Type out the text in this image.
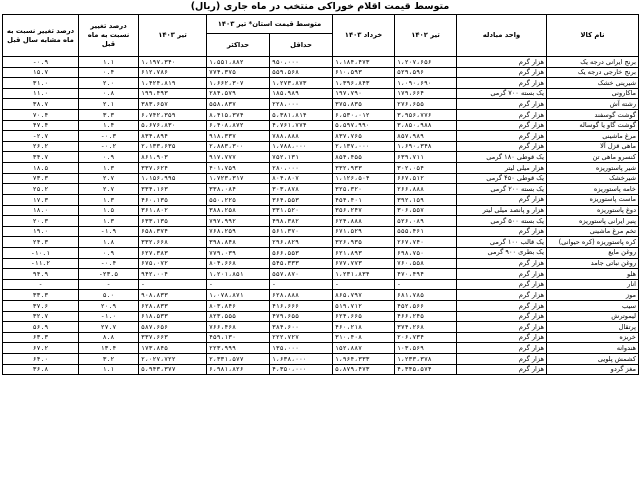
متوسط قیمت اقلام خوراکی منتخب در ماه جاری (ریال)
نام کالا	واحد مبادله	تیر ۱۴۰۲	خرداد ۱۴۰۳	متوسط قیمت استان* تیر ۱۴۰۳		تیر ۱۴۰۳	درصد تغییر نسبت به ماه قبل	درصد تغییر نسبت به ماه مشابه سال قبل
				حداقل	حداکثر			
برنج ایرانی درجه یک	هزار گرم	۱،۲۰۷،۶۵۶	۱،۱۸۴،۴۷۳	۹۵۰،۰۰۰	۱،۵۵۱،۸۸۲	۱،۱۹۷،۳۴۰	۱.۱	-۰.۹
برنج خارجی درجه یک	هزار گرم	۵۲۹،۵۹۶	۶۱۰،۵۹۳	۵۵۹،۵۶۸	۷۷۴،۳۷۵	۶۱۲،۷۸۶	۰.۴	۱۵.۷
شیرینی خشک	هزار گرم	۱،۰۹۰،۶۹۰	۱،۳۹۶،۸۴۳	۱،۲۷۳،۸۷۳	۱،۶۶۲،۳۰۷	۱،۴۲۴،۸۱۹	۲.۰	۳۱.۰
ماکارونی	یک بسته ۷۰۰ گرمی	۱۷۹،۶۶۴	۱۹۷،۷۹۰	۱۸۵،۹۸۹	۲۸۴،۵۷۹	۱۹۹،۴۹۳	۰.۸	۱۱.۰
رشته آش	هزار گرم	۲۷۶،۶۵۵	۳۷۵،۸۳۵	۲۲۸،۰۰۰	۵۵۸،۸۳۷	۳۸۳،۶۵۷	۲.۱	۳۸.۷
گوشت گوسفند	هزار گرم	۳،۹۵۶،۷۷۶	۶،۵۳۰،۰۱۲	۵،۳۸۱،۸۱۴	۸،۴۱۵،۳۷۴	۶،۷۴۲،۳۵۹	۳.۳	۷۰.۴
گوشت گاو یا گوساله	هزار گرم	۳،۸۵۰،۹۸۸	۵،۵۹۷،۹۹۰	۴،۷۶۱،۷۷۴	۶،۴۰۸،۸۷۲	۵،۶۷۶،۸۳۰	۱.۴	۴۷.۴
مرغ ماشینی	هزار گرم	۸۵۷،۹۸۹	۸۳۷،۷۶۵	۷۸۸،۸۸۸	۹۱۸،۳۳۷	۸۳۴،۸۹۴	-۰.۳	-۲.۷
ماهی قزل آلا	هزار گرم	۱،۶۹۰،۳۴۸	۲،۱۳۷،۰۰۰	۱،۷۸۸،۰۰۰	۲،۸۸۳،۳۰۰	۲،۱۳۳،۶۳۵	-۰.۲	۲۶.۲
کنسرو ماهی تن	یک قوطی ۱۸۰ گرمی	۶۳۹،۷۱۱	۸۵۴،۴۵۵	۷۵۲،۱۳۱	۹۱۷،۷۷۷	۸۶۱،۹۰۳	۰.۹	۳۴.۷
شیر پاستوریزه	هزار میلی لیتر	۳۰۲،۰۵۴	۳۳۲،۹۳۳	۲۸۰،۰۰۰	۴۰۱،۷۵۹	۳۳۷،۶۲۴	۱.۳	۱۸.۵
شیرخشک	یک قوطی ۴۵۰ گرمی	۶۶۷،۵۱۲	۱،۱۲۶،۵۰۴	۸۰۴،۸۰۷	۱،۷۲۳،۳۱۷	۱،۱۵۶،۹۹۵	۲.۷	۷۳.۳
خامه پاستوریزه	یک بسته ۲۰۰ گرمی	۲۶۶،۸۸۸	۳۲۵،۳۲۰	۳۰۳،۸۷۸	۳۳۸،۰۸۴	۳۳۴،۱۶۳	۲.۷	۲۵.۲
ماست پاستوریزه	هزار گرم	۳۹۲،۱۵۹	۴۵۴،۴۰۱	۳۶۴،۵۵۳	۵۵۰،۲۲۵	۴۶۰،۱۳۵	۱.۳	۱۷.۳
دوغ پاستوریزه	هزار و پانصد میلی لیتر	۳۰۶،۵۵۷	۳۵۶،۲۴۷	۳۳۱،۵۲۰	۳۸۸،۲۵۸	۳۶۱،۸۰۲	۱.۵	۱۸.۰
پنیر ایرانی پاستوریزه	یک بسته ۵۰۰ گرمی	۵۲۶،۰۸۹	۶۲۴،۸۸۸	۴۹۸،۳۸۲	۷۹۷،۹۹۲	۶۳۳،۱۳۵	۱.۳	۲۰.۳
تخم مرغ ماشینی	هزار گرم	۵۵۵،۴۶۱	۶۷۱،۵۲۹	۵۶۱،۳۷۰	۷۶۸،۲۵۹	۶۵۸،۳۷۴	-۱.۹	۱۹.۰
کره پاستوریزه (کره حیوانی)	یک قالب ۱۰۰ گرمی	۲۶۷،۷۴۰	۳۲۶،۹۳۵	۲۹۶،۸۲۹	۳۹۸،۸۴۸	۳۳۲،۶۶۸	۱.۸	۲۴.۳
روغن مایع	یک بطری ۹۰۰ گرمی	۶۹۸،۷۵۰	۶۲۱،۸۹۳	۵۶۶،۵۵۳	۷۷۹،۰۳۹	۶۲۷،۳۸۳	۰.۹	-۱۰.۱
روغن نباتی جامد	هزار گرم	۷۶۰،۵۵۸	۶۷۷،۷۷۳	۵۴۵،۳۳۳	۸۰۴،۶۶۸	۶۷۵،۰۷۲	-۰.۴	-۱۱.۲
هلو	هزار گرم	۴۷۰،۴۹۴	۱،۲۳۱،۸۳۴	۵۵۷،۸۷۰	۱،۲۰۱،۸۵۱	۹۴۲،۰۰۴	-۲۳.۵	۹۴.۹
انار	هزار گرم	-	-	-	-	-	-	-
موز	هزار گرم	۶۸۱،۷۸۵	۸۶۵،۷۹۷	۶۲۸،۸۸۸	۱،۰۷۸،۸۷۱	۹۰۸،۸۳۳	۵.۰	۳۳.۳
سیب	هزار گرم	۴۵۲،۵۶۶	۵۱۹،۷۱۲	۴۱۶،۶۶۶	۸۰۳،۸۴۶	۶۲۸،۸۳۳	۲۰.۹	۳۷.۶
لیموترش	هزار گرم	۴۶۶،۲۴۵	۶۲۴،۶۶۵	۴۷۹،۶۵۵	۸۲۳،۵۵۵	۶۱۸،۵۳۳	-۱.۰	۳۲.۷
پرتقال	هزار گرم	۳۷۴،۲۶۸	۴۶۰،۲۱۸	۳۸۴،۶۰۰	۷۶۶،۴۶۸	۵۸۷،۶۵۶	۲۷.۷	۵۶.۹
خربزه	هزار گرم	۲۰۶،۷۳۴	۳۱۰،۴۰۸	۲۲۲،۷۲۷	۴۵۹،۱۳۰	۳۳۷،۶۶۳	۸.۸	۶۳.۳
هندوانه	هزار گرم	۱۰۳،۵۶۹	۱۵۲،۸۸۷	۱۳۵،۰۰۰	۲۲۳،۹۹۹	۱۷۳،۸۴۵	۱۳.۴	۶۷.۲
کشمش پلویی	هزار گرم	۱،۲۳۳،۳۷۸	۱،۹۶۴،۳۳۳	۱،۶۳۸،۰۰۰	۲،۳۳۱،۵۷۷	۲،۰۲۷،۷۲۲	۳.۲	۶۴.۰
مغز گردو	هزار گرم	۴،۳۴۵،۵۷۴	۵،۸۷۹،۴۷۳	۴،۳۵۰،۰۰۰	۶،۹۸۱،۸۲۶	۵،۹۴۳،۳۷۷	۱.۱	۳۶.۸
